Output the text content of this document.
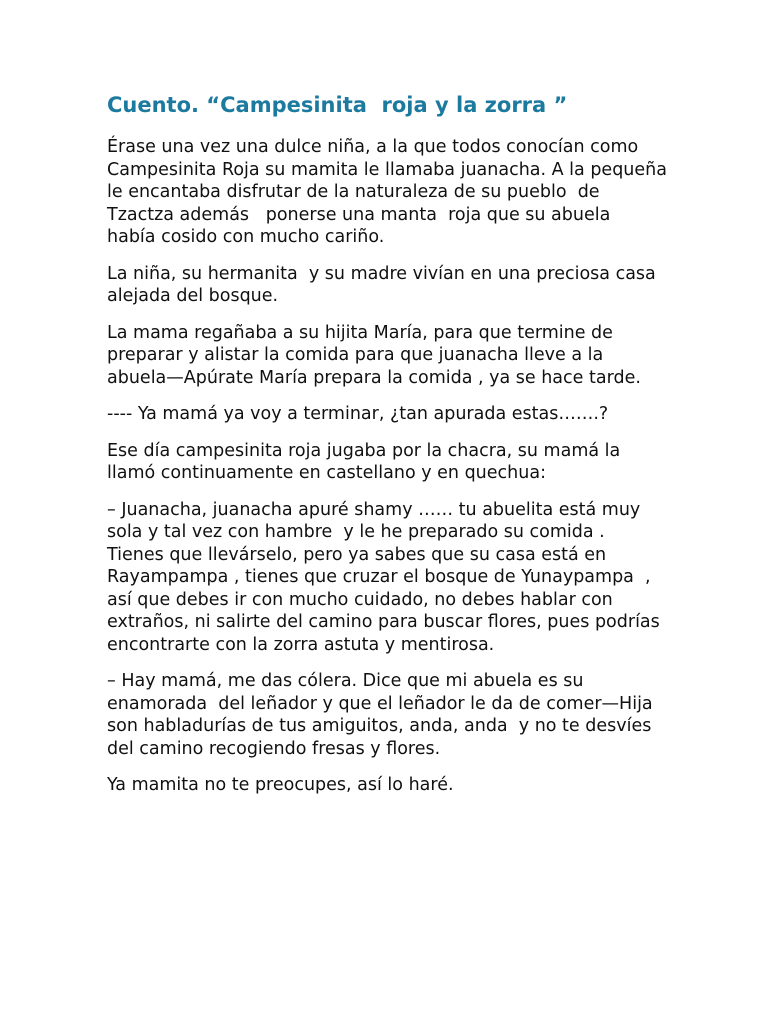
Cuento. “Campesinita  roja y la zorra ”

Érase una vez una dulce niña, a la que todos conocían como Campesinita Roja su mamita le llamaba juanacha. A la pequeña le encantaba disfrutar de la naturaleza de su pueblo  de Tzactza además   ponerse una manta  roja que su abuela  había cosido con mucho cariño.

La niña, su hermanita  y su madre vivían en una preciosa casa alejada del bosque.

La mama regañaba a su hijita María, para que termine de preparar y alistar la comida para que juanacha lleve a la abuela—Apúrate María prepara la comida , ya se hace tarde.

---- Ya mamá ya voy a terminar, ¿tan apurada estas…….?

Ese día campesinita roja jugaba por la chacra, su mamá la llamó continuamente en castellano y en quechua:

– Juanacha, juanacha apuré shamy …… tu abuelita está muy sola y tal vez con hambre  y le he preparado su comida . Tienes que llevárselo, pero ya sabes que su casa está en Rayampampa , tienes que cruzar el bosque de Yunaypampa  , así que debes ir con mucho cuidado, no debes hablar con extraños, ni salirte del camino para buscar flores, pues podrías encontrarte con la zorra astuta y mentirosa.

– Hay mamá, me das cólera. Dice que mi abuela es su enamorada  del leñador y que el leñador le da de comer—Hija son habladurías de tus amiguitos, anda, anda  y no te desvíes del camino recogiendo fresas y flores.

Ya mamita no te preocupes, así lo haré.
